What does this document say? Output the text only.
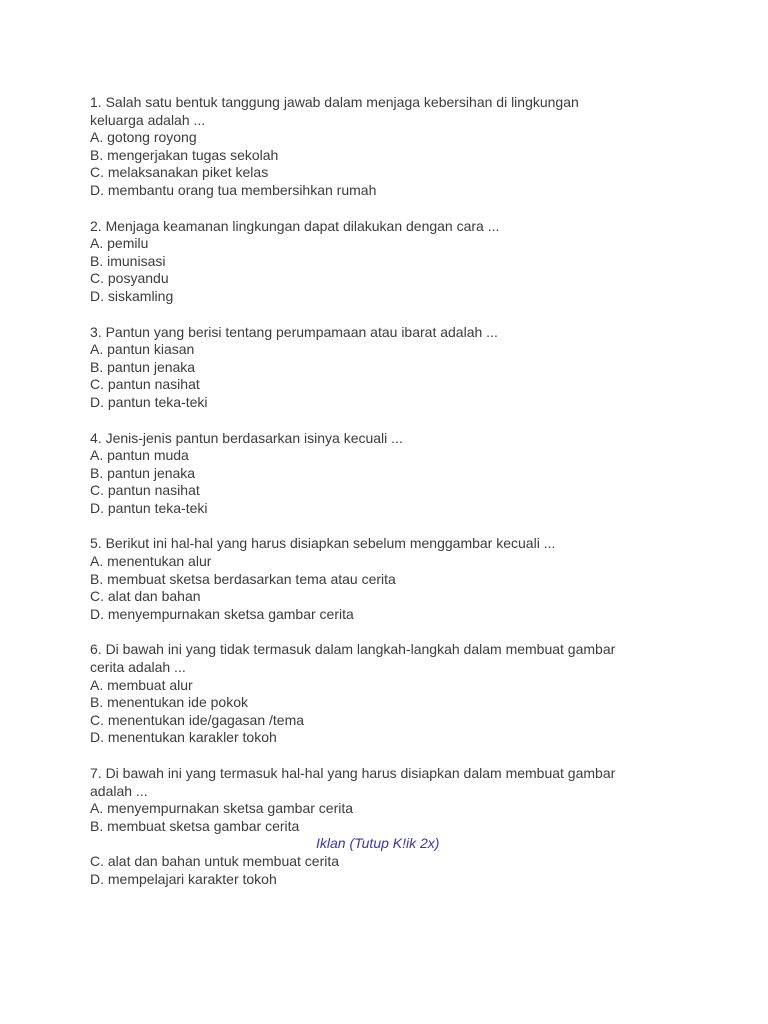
1. Salah satu bentuk tanggung jawab dalam menjaga kebersihan di lingkungan
keluarga adalah ...
A. gotong royong
B. mengerjakan tugas sekolah
C. melaksanakan piket kelas
D. membantu orang tua membersihkan rumah
2. Menjaga keamanan lingkungan dapat dilakukan dengan cara ...
A. pemilu
B. imunisasi
C. posyandu
D. siskamling
3. Pantun yang berisi tentang perumpamaan atau ibarat adalah ...
A. pantun kiasan
B. pantun jenaka
C. pantun nasihat
D. pantun teka-teki
4. Jenis-jenis pantun berdasarkan isinya kecuali ...
A. pantun muda
B. pantun jenaka
C. pantun nasihat
D. pantun teka-teki
5. Berikut ini hal-hal yang harus disiapkan sebelum menggambar kecuali ...
A. menentukan alur
B. membuat sketsa berdasarkan tema atau cerita
C. alat dan bahan
D. menyempurnakan sketsa gambar cerita
6. Di bawah ini yang tidak termasuk dalam langkah-langkah dalam membuat gambar
cerita adalah ...
A. membuat alur
B. menentukan ide pokok
C. menentukan ide/gagasan /tema
D. menentukan karakler tokoh
7. Di bawah ini yang termasuk hal-hal yang harus disiapkan dalam membuat gambar
adalah ...
A. menyempurnakan sketsa gambar cerita
B. membuat sketsa gambar cerita
Iklan (Tutup K!ik 2x)
C. alat dan bahan untuk membuat cerita
D. mempelajari karakter tokoh
